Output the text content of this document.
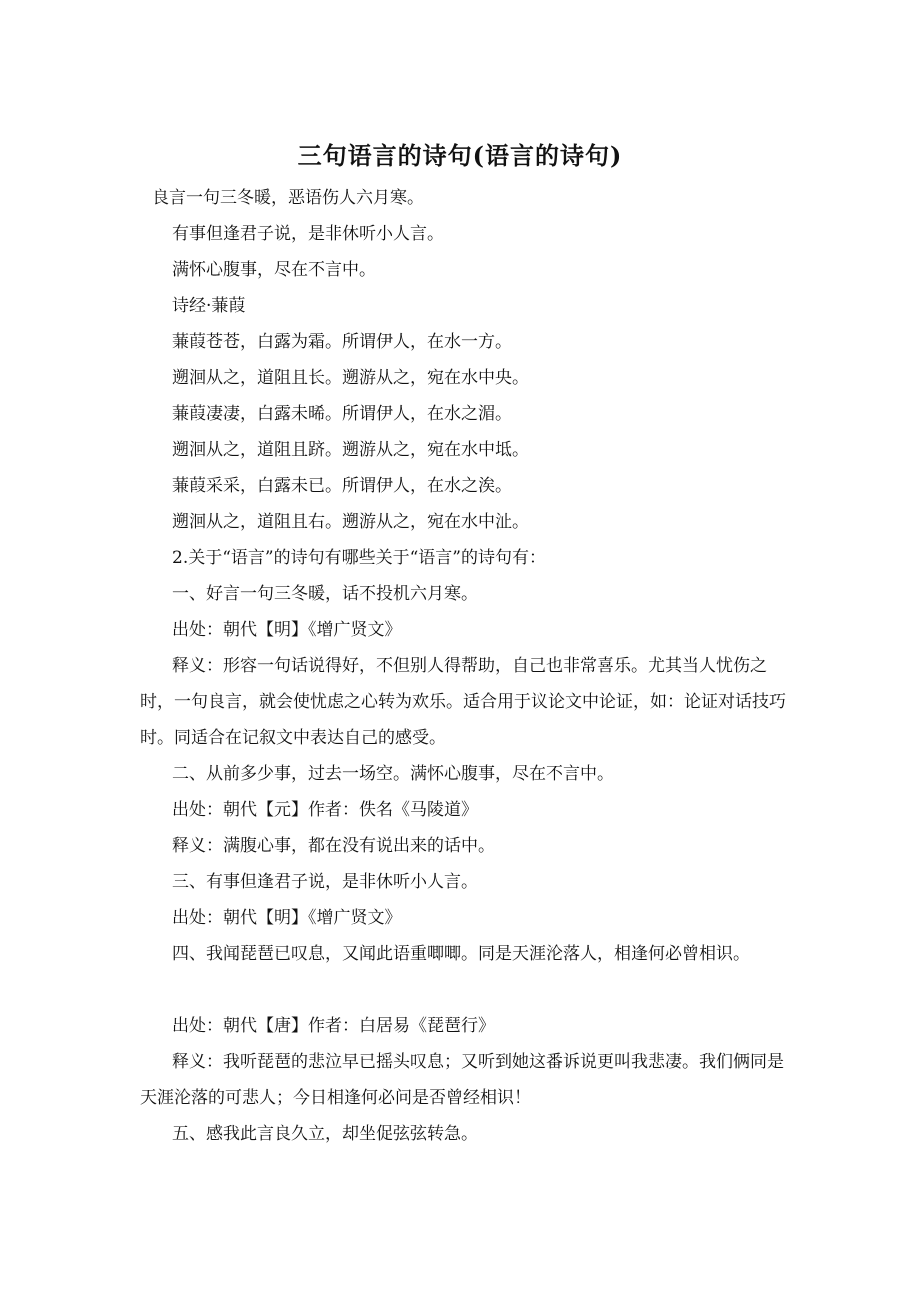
三句语言的诗句(语言的诗句)

良言一句三冬暖，恶语伤人六月寒。

有事但逢君子说，是非休听小人言。

满怀心腹事，尽在不言中。

诗经·蒹葭

蒹葭苍苍，白露为霜。所谓伊人，在水一方。

遡洄从之，道阻且长。遡游从之，宛在水中央。

蒹葭凄凄，白露未晞。所谓伊人，在水之湄。

遡洄从之，道阻且跻。遡游从之，宛在水中坻。

蒹葭采采，白露未已。所谓伊人，在水之涘。

遡洄从之，道阻且右。遡游从之，宛在水中沚。

2.关于“语言”的诗句有哪些关于“语言”的诗句有：

一、好言一句三冬暖，话不投机六月寒。

出处：朝代【明】《增广贤文》

释义：形容一句话说得好，不但别人得帮助，自己也非常喜乐。尤其当人忧伤之时，一句良言，就会使忧虑之心转为欢乐。适合用于议论文中论证，如：论证对话技巧时。同适合在记叙文中表达自己的感受。

二、从前多少事，过去一场空。满怀心腹事，尽在不言中。

出处：朝代【元】作者：佚名《马陵道》

释义：满腹心事，都在没有说出来的话中。

三、有事但逢君子说，是非休听小人言。

出处：朝代【明】《增广贤文》

四、我闻琵琶已叹息，又闻此语重唧唧。同是天涯沦落人，相逢何必曾相识。

出处：朝代【唐】作者：白居易《琵琶行》

释义：我听琵琶的悲泣早已摇头叹息；又听到她这番诉说更叫我悲凄。我们俩同是天涯沦落的可悲人；今日相逢何必问是否曾经相识！

五、感我此言良久立，却坐促弦弦转急。
